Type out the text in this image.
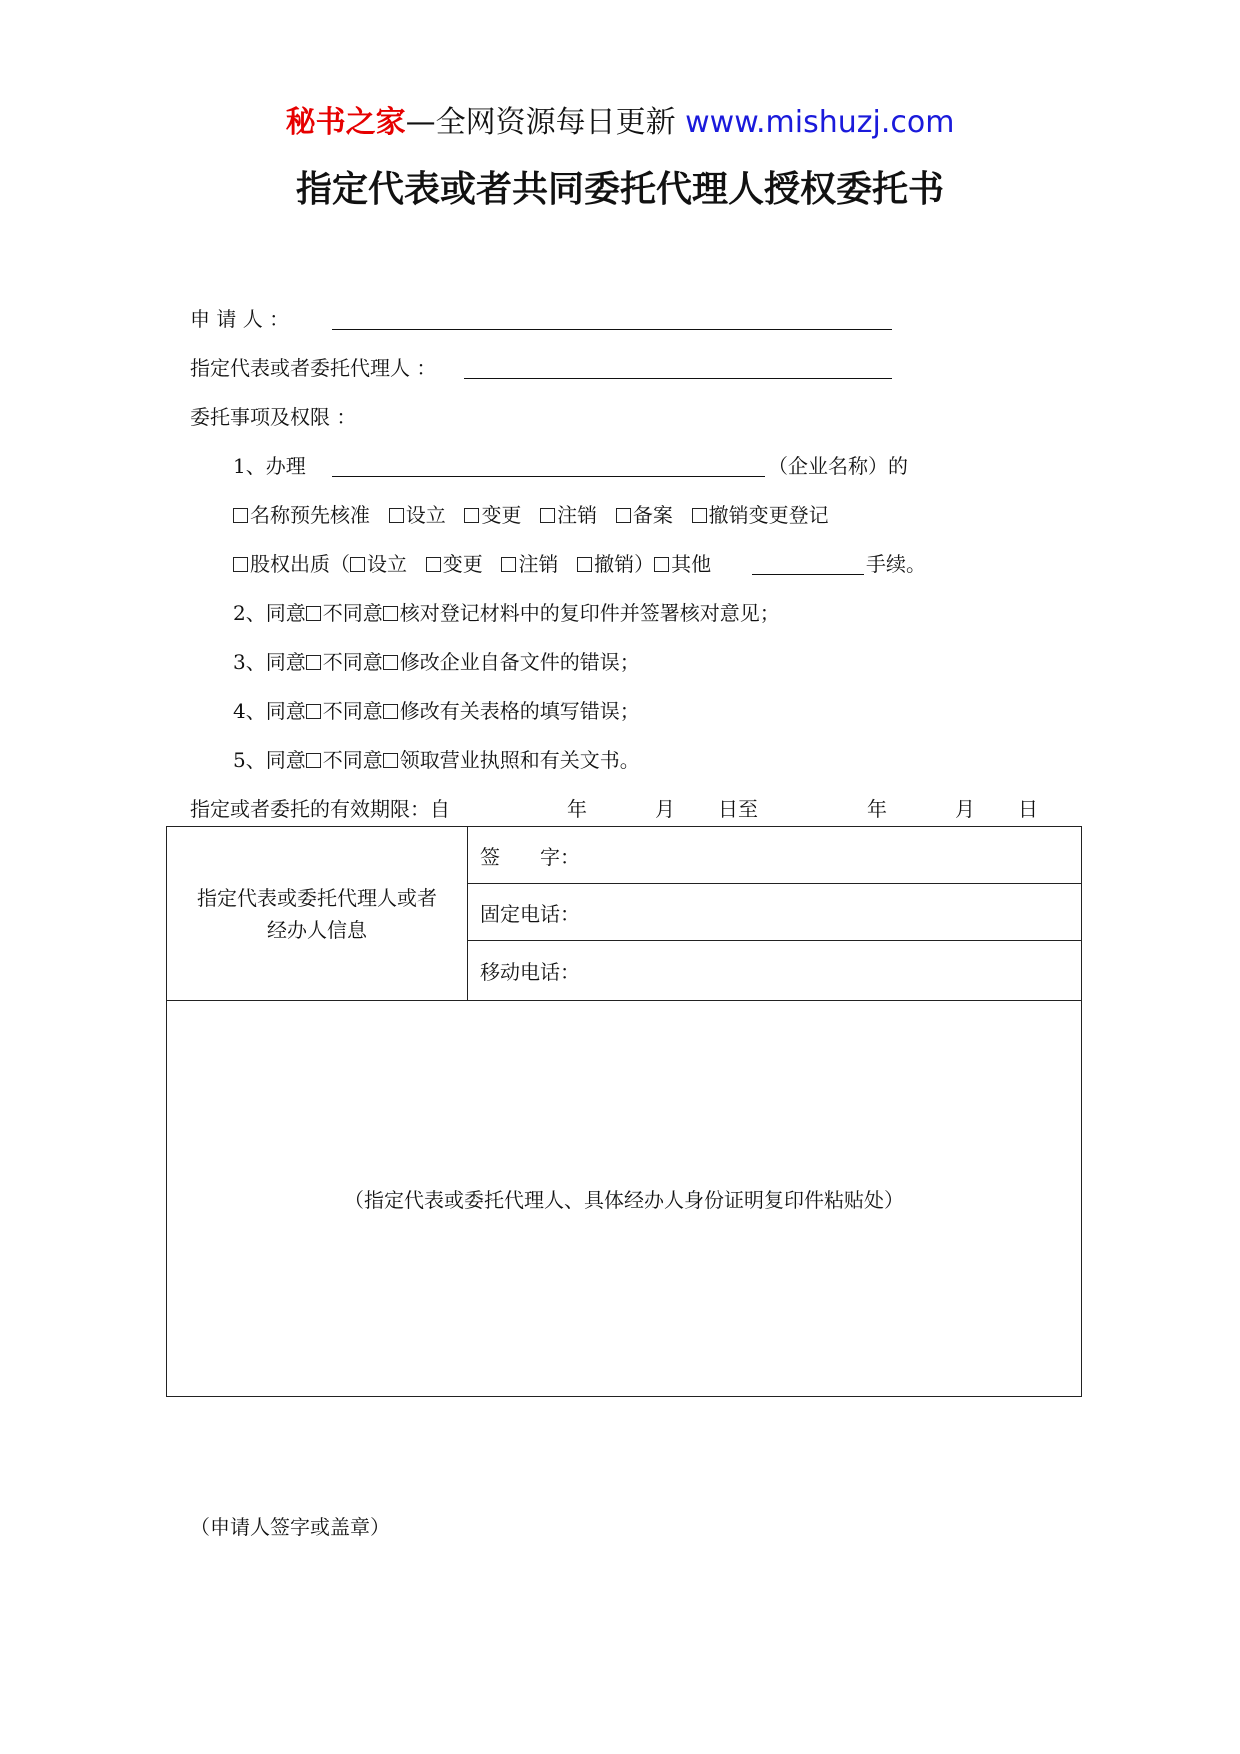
秘书之家—全网资源每日更新 www.mishuzj.com
指定代表或者共同委托代理人授权委托书
申 请 人 ：
指定代表或者委托代理人 ：
委托事项及权限 ：
1、办理	（企业名称）的
名称预先核准 设立 变更 注销 备案 撤销变更登记
股权出质（ 设立 变更 注销 撤销） 其他	手续。
2、同意 不同意 核对登记材料中的复印件并签署核对意见；
3、同意 不同意 修改企业自备文件的错误；
4、同意 不同意 修改有关表格的填写错误；
5、同意 不同意 领取营业执照和有关文书。
指定或者委托的有效期限：自	年	月 日至	年	月 日
指定代表或委托代理人或者
经办人信息

签　　字：

固定电话：

移动电话：

（指定代表或委托代理人、具体经办人身份证明复印件粘贴处）
（申请人签字或盖章）
